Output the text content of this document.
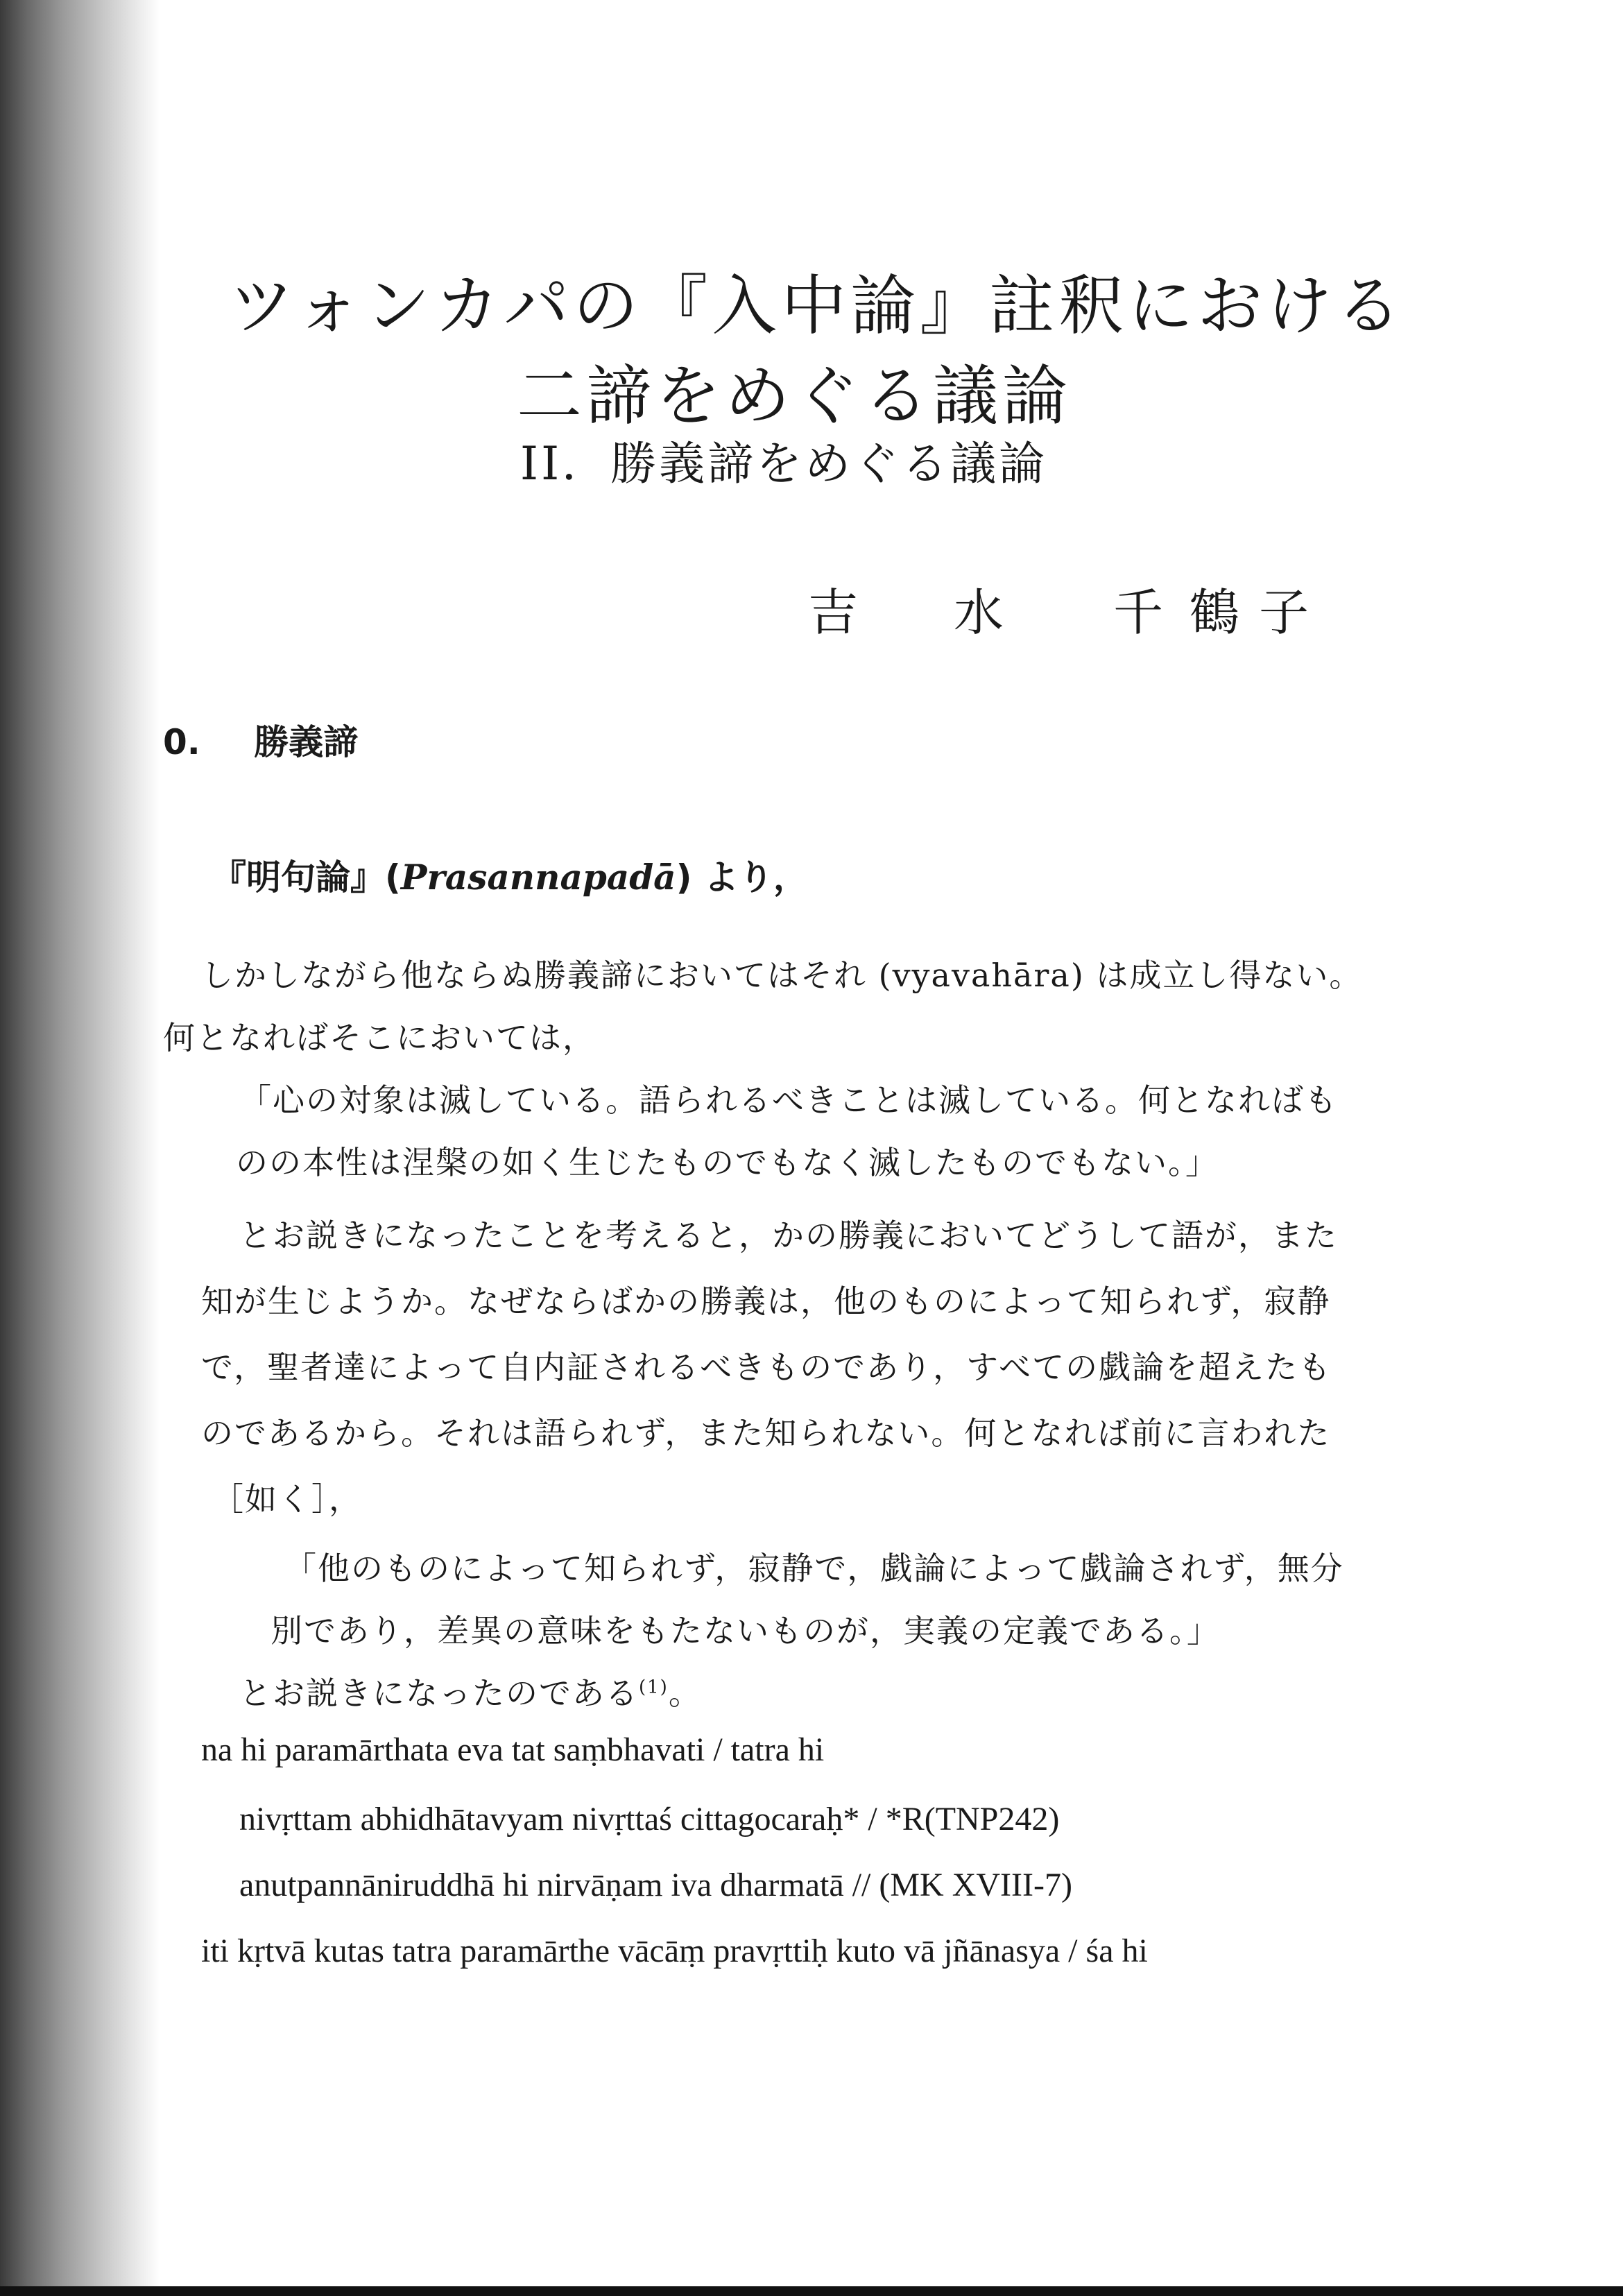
ツォンカパの『入中論』註釈における
二諦をめぐる議論
II．勝義諦をめぐる議論
吉 水 千 鶴 子
0. 勝義諦
『明句論』(Prasannapadā) より，
しかしながら他ならぬ勝義諦においてはそれ (vyavahāra) は成立し得ない。
何となればそこにおいては，
「心の対象は滅している。語られるべきことは滅している。何となればも
のの本性は涅槃の如く生じたものでもなく滅したものでもない。」
とお説きになったことを考えると，かの勝義においてどうして語が，また
知が生じようか。なぜならばかの勝義は，他のものによって知られず，寂静
で，聖者達によって自内証されるべきものであり，すべての戯論を超えたも
のであるから。それは語られず，また知られない。何となれば前に言われた
［如く］，
「他のものによって知られず，寂静で，戯論によって戯論されず，無分
別であり，差異の意味をもたないものが，実義の定義である。」
とお説きになったのである$^{(1)}$。
na hi paramārthata eva tat saṃbhavati / tatra hi
nivṛttam abhidhātavyam nivṛttaś cittagocaraḥ* / *R(TNP242)
anutpannāniruddhā hi nirvāṇam iva dharmatā // (MK XVIII-7)
iti kṛtvā kutas tatra paramārthe vācāṃ pravṛttiḥ kuto vā jñānasya / śa hi
